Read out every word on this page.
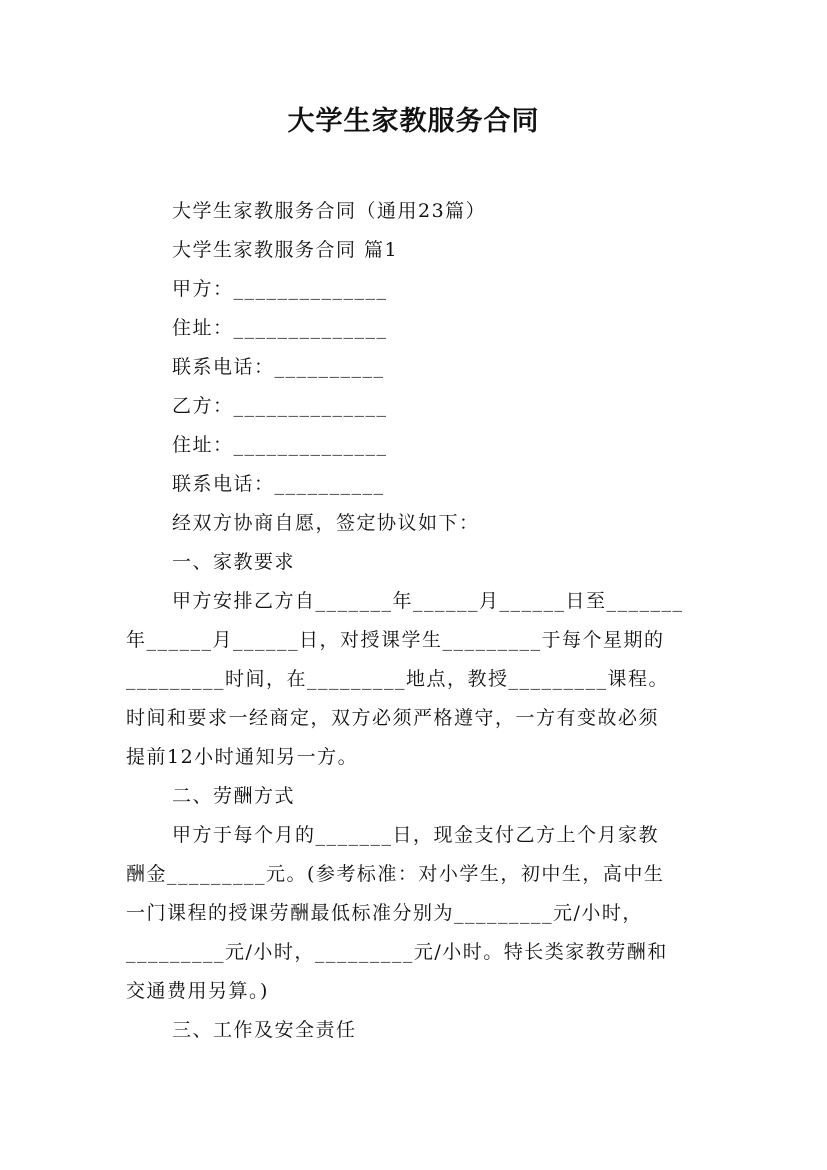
大学生家教服务合同
大学生家教服务合同（通用23篇）
大学生家教服务合同 篇1
甲方：______________
住址：______________
联系电话：__________
乙方：______________
住址：______________
联系电话：__________
经双方协商自愿，签定协议如下：
一、家教要求
甲方安排乙方自_______年______月______日至_______
年______月______日，对授课学生_________于每个星期的
_________时间，在_________地点，教授_________课程。
时间和要求一经商定，双方必须严格遵守，一方有变故必须
提前12小时通知另一方。
二、劳酬方式
甲方于每个月的_______日，现金支付乙方上个月家教
酬金_________元。(参考标准：对小学生，初中生，高中生
一门课程的授课劳酬最低标准分别为_________元/小时，
_________元/小时，_________元/小时。特长类家教劳酬和
交通费用另算。)
三、工作及安全责任
